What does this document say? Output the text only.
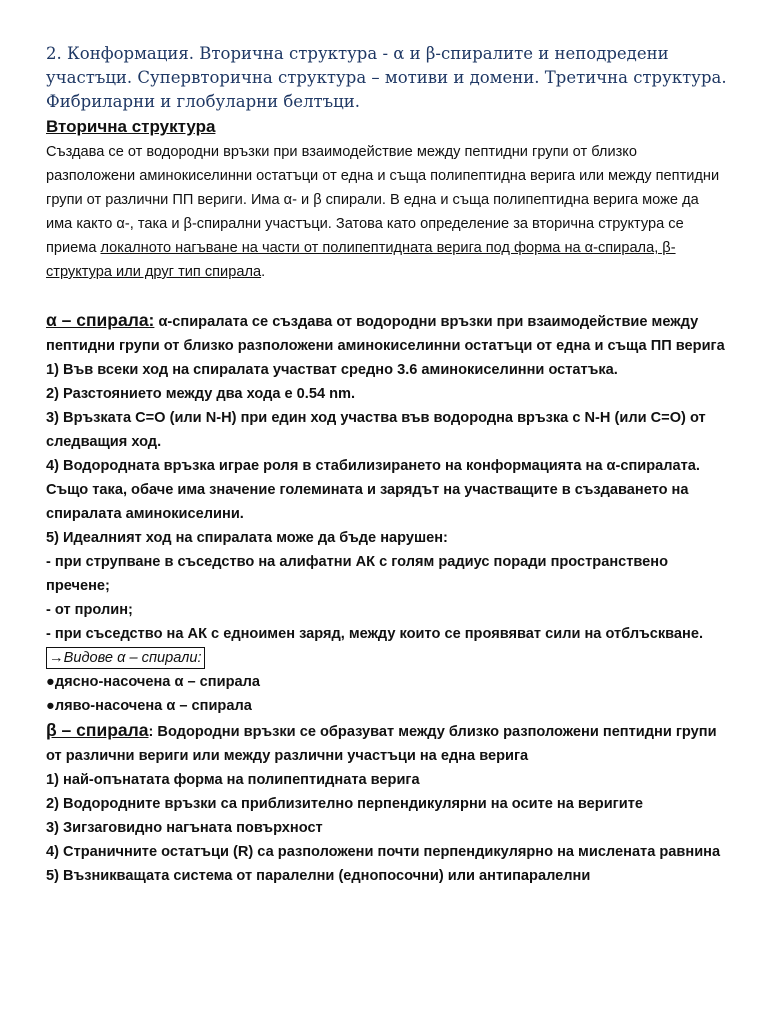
2. Конформация. Вторична структура - α и β-спиралите и неподредени участъци. Супервторична структура – мотиви и домени. Третична структура. Фибриларни и глобуларни белтъци.

Вторична структура

Създава се от водородни връзки при взаимодействие между пептидни групи от близко разположени аминокиселинни остатъци от една и съща полипептидна верига или между пептидни групи от различни ПП вериги. Има α- и β спирали. В една и съща полипептидна верига може да има както α-, така и β-спирални участъци. Затова като определение за вторична структура се приема локалното нагъване на части от полипептидната верига под форма на α-спирала, β-структура или друг тип спирала.

α – спирала: α-спиралата се създава от водородни връзки при взаимодействие между пептидни групи от близко разположени аминокиселинни остатъци от една и съща ПП верига

1) Във всеки ход на спиралата участват средно 3.6 аминокиселинни остатъка.

2) Разстоянието между два хода е 0.54 nm.

3) Връзката C=O (или N-H) при един ход участва във водородна връзка с N-H (или C=O) от следващия ход.

4) Водородната връзка играе роля в стабилизирането на конформацията на α-спиралата. Също така, обаче има значение големината и зарядът на участващите в създаването на спиралата аминокиселини.

5) Идеалният ход на спиралата може да бъде нарушен:

- при струпване в съседство на алифатни АК с голям радиус поради пространствено пречене;

- от пролин;

- при съседство на АК с едноимен заряд, между които се проявяват сили на отблъскване.

→Видове α – спирали:

●дясно-насочена α – спирала

●ляво-насочена α – спирала

β – спирала: Водородни връзки се образуват между близко разположени пептидни групи от различни вериги или между различни участъци на една верига

1) най-опънатата форма на полипептидната верига

2) Водородните връзки са приблизително перпендикулярни на осите на веригите

3) Зигзаговидно нагъната повърхност

4) Страничните остатъци (R) са разположени почти перпендикулярно на мислената равнина

5) Възникващата система от паралелни (еднопосочни) или антипаралелни
